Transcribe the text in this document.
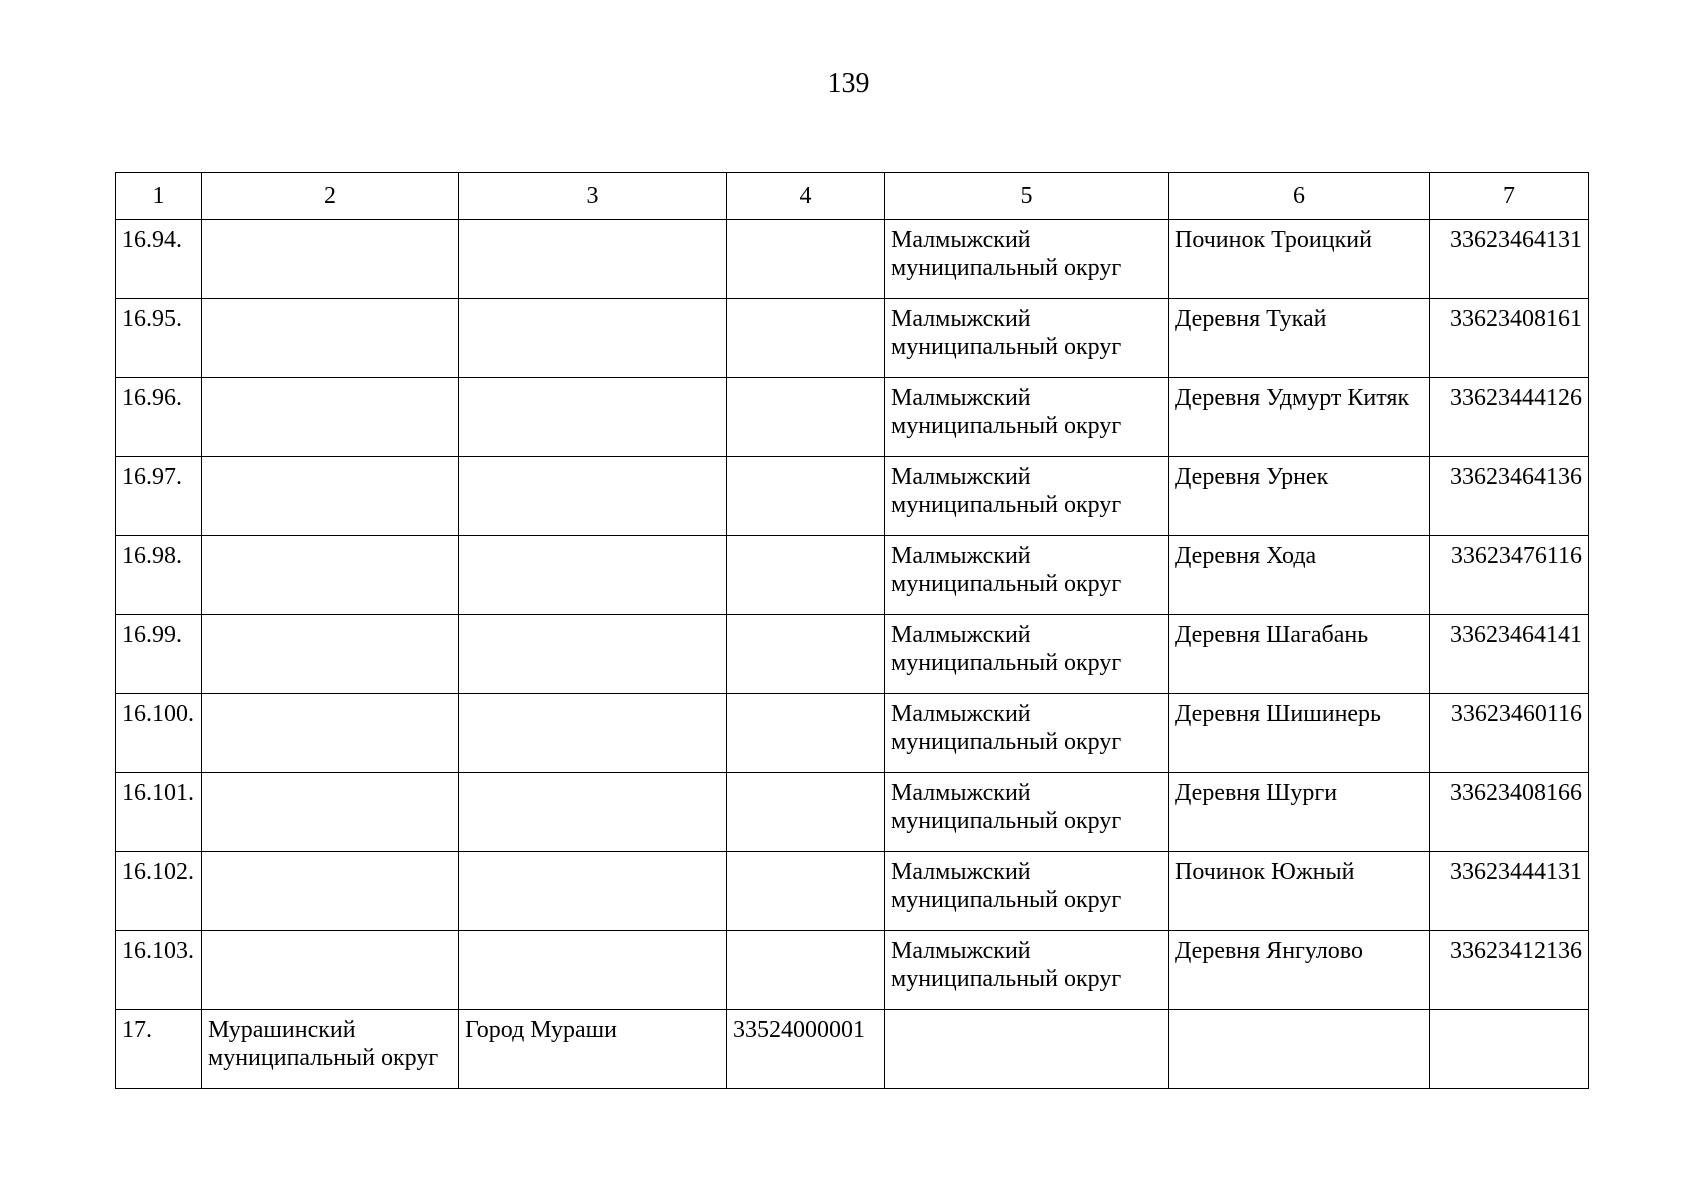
139
1	2	3	4	5	6	7
16.94.				Малмыжский муниципальный округ	Починок Троицкий	33623464131
16.95.				Малмыжский муниципальный округ	Деревня Тукай	33623408161
16.96.				Малмыжский муниципальный округ	Деревня Удмурт Китяк	33623444126
16.97.				Малмыжский муниципальный округ	Деревня Урнек	33623464136
16.98.				Малмыжский муниципальный округ	Деревня Хода	33623476116
16.99.				Малмыжский муниципальный округ	Деревня Шагабань	33623464141
16.100.				Малмыжский муниципальный округ	Деревня Шишинерь	33623460116
16.101.				Малмыжский муниципальный округ	Деревня Шурги	33623408166
16.102.				Малмыжский муниципальный округ	Починок Южный	33623444131
16.103.				Малмыжский муниципальный округ	Деревня Янгулово	33623412136
17.	Мурашинский муниципальный округ	Город Мураши	33524000001			
